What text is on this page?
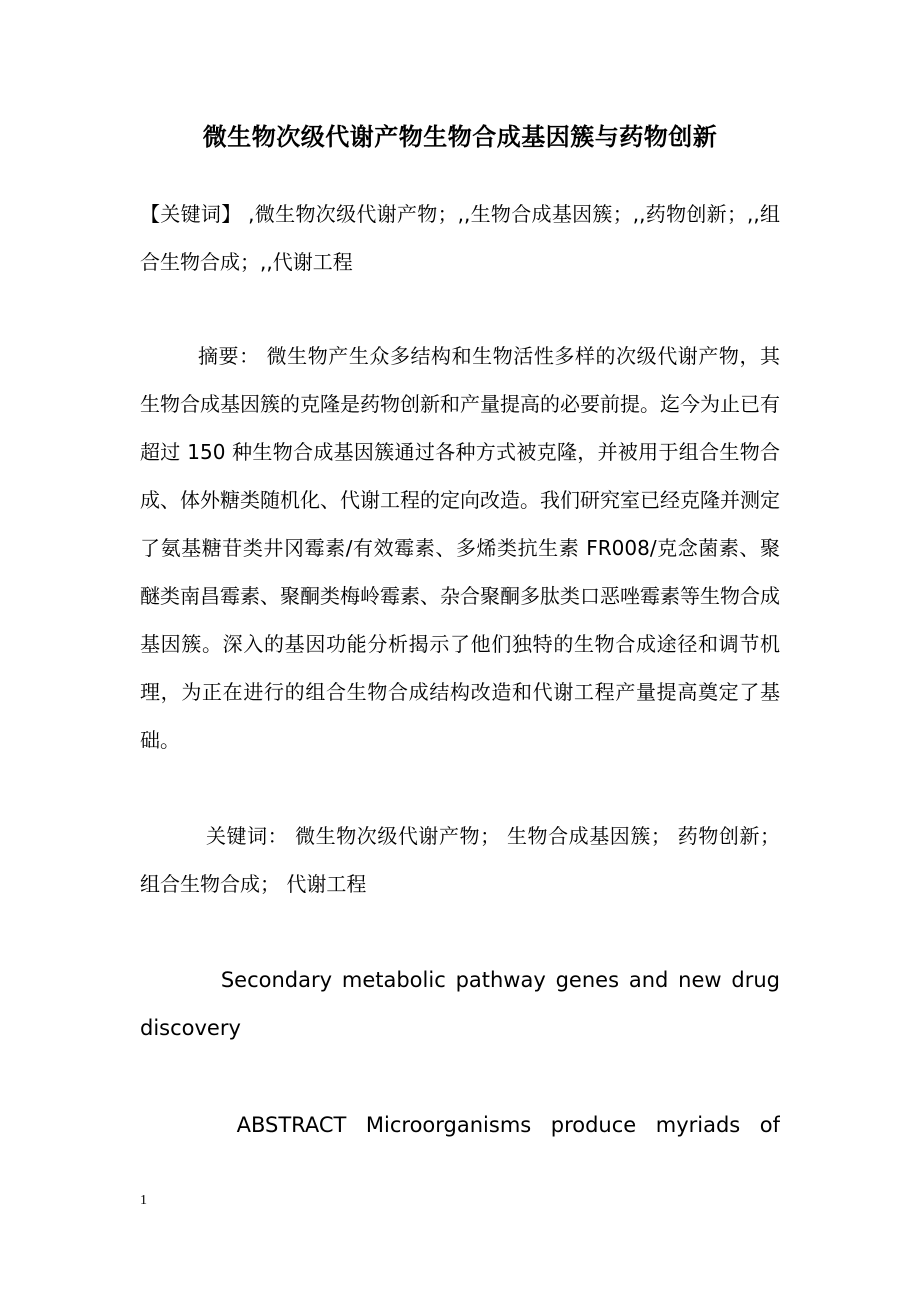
微生物次级代谢产物生物合成基因簇与药物创新

【关键词】 ,微生物次级代谢产物；,,生物合成基因簇；,,药物创新；,,组合生物合成；,,代谢工程

摘要： 微生物产生众多结构和生物活性多样的次级代谢产物，其生物合成基因簇的克隆是药物创新和产量提高的必要前提。迄今为止已有超过 150 种生物合成基因簇通过各种方式被克隆，并被用于组合生物合成、体外糖类随机化、代谢工程的定向改造。我们研究室已经克隆并测定了氨基糖苷类井冈霉素/有效霉素、多烯类抗生素 FR008/克念菌素、聚醚类南昌霉素、聚酮类梅岭霉素、杂合聚酮多肽类口恶唑霉素等生物合成基因簇。深入的基因功能分析揭示了他们独特的生物合成途径和调节机理，为正在进行的组合生物合成结构改造和代谢工程产量提高奠定了基础。

关键词： 微生物次级代谢产物； 生物合成基因簇； 药物创新； 组合生物合成； 代谢工程

Secondary metabolic pathway genes and new drug discovery

ABSTRACT Microorganisms produce myriads of

1
